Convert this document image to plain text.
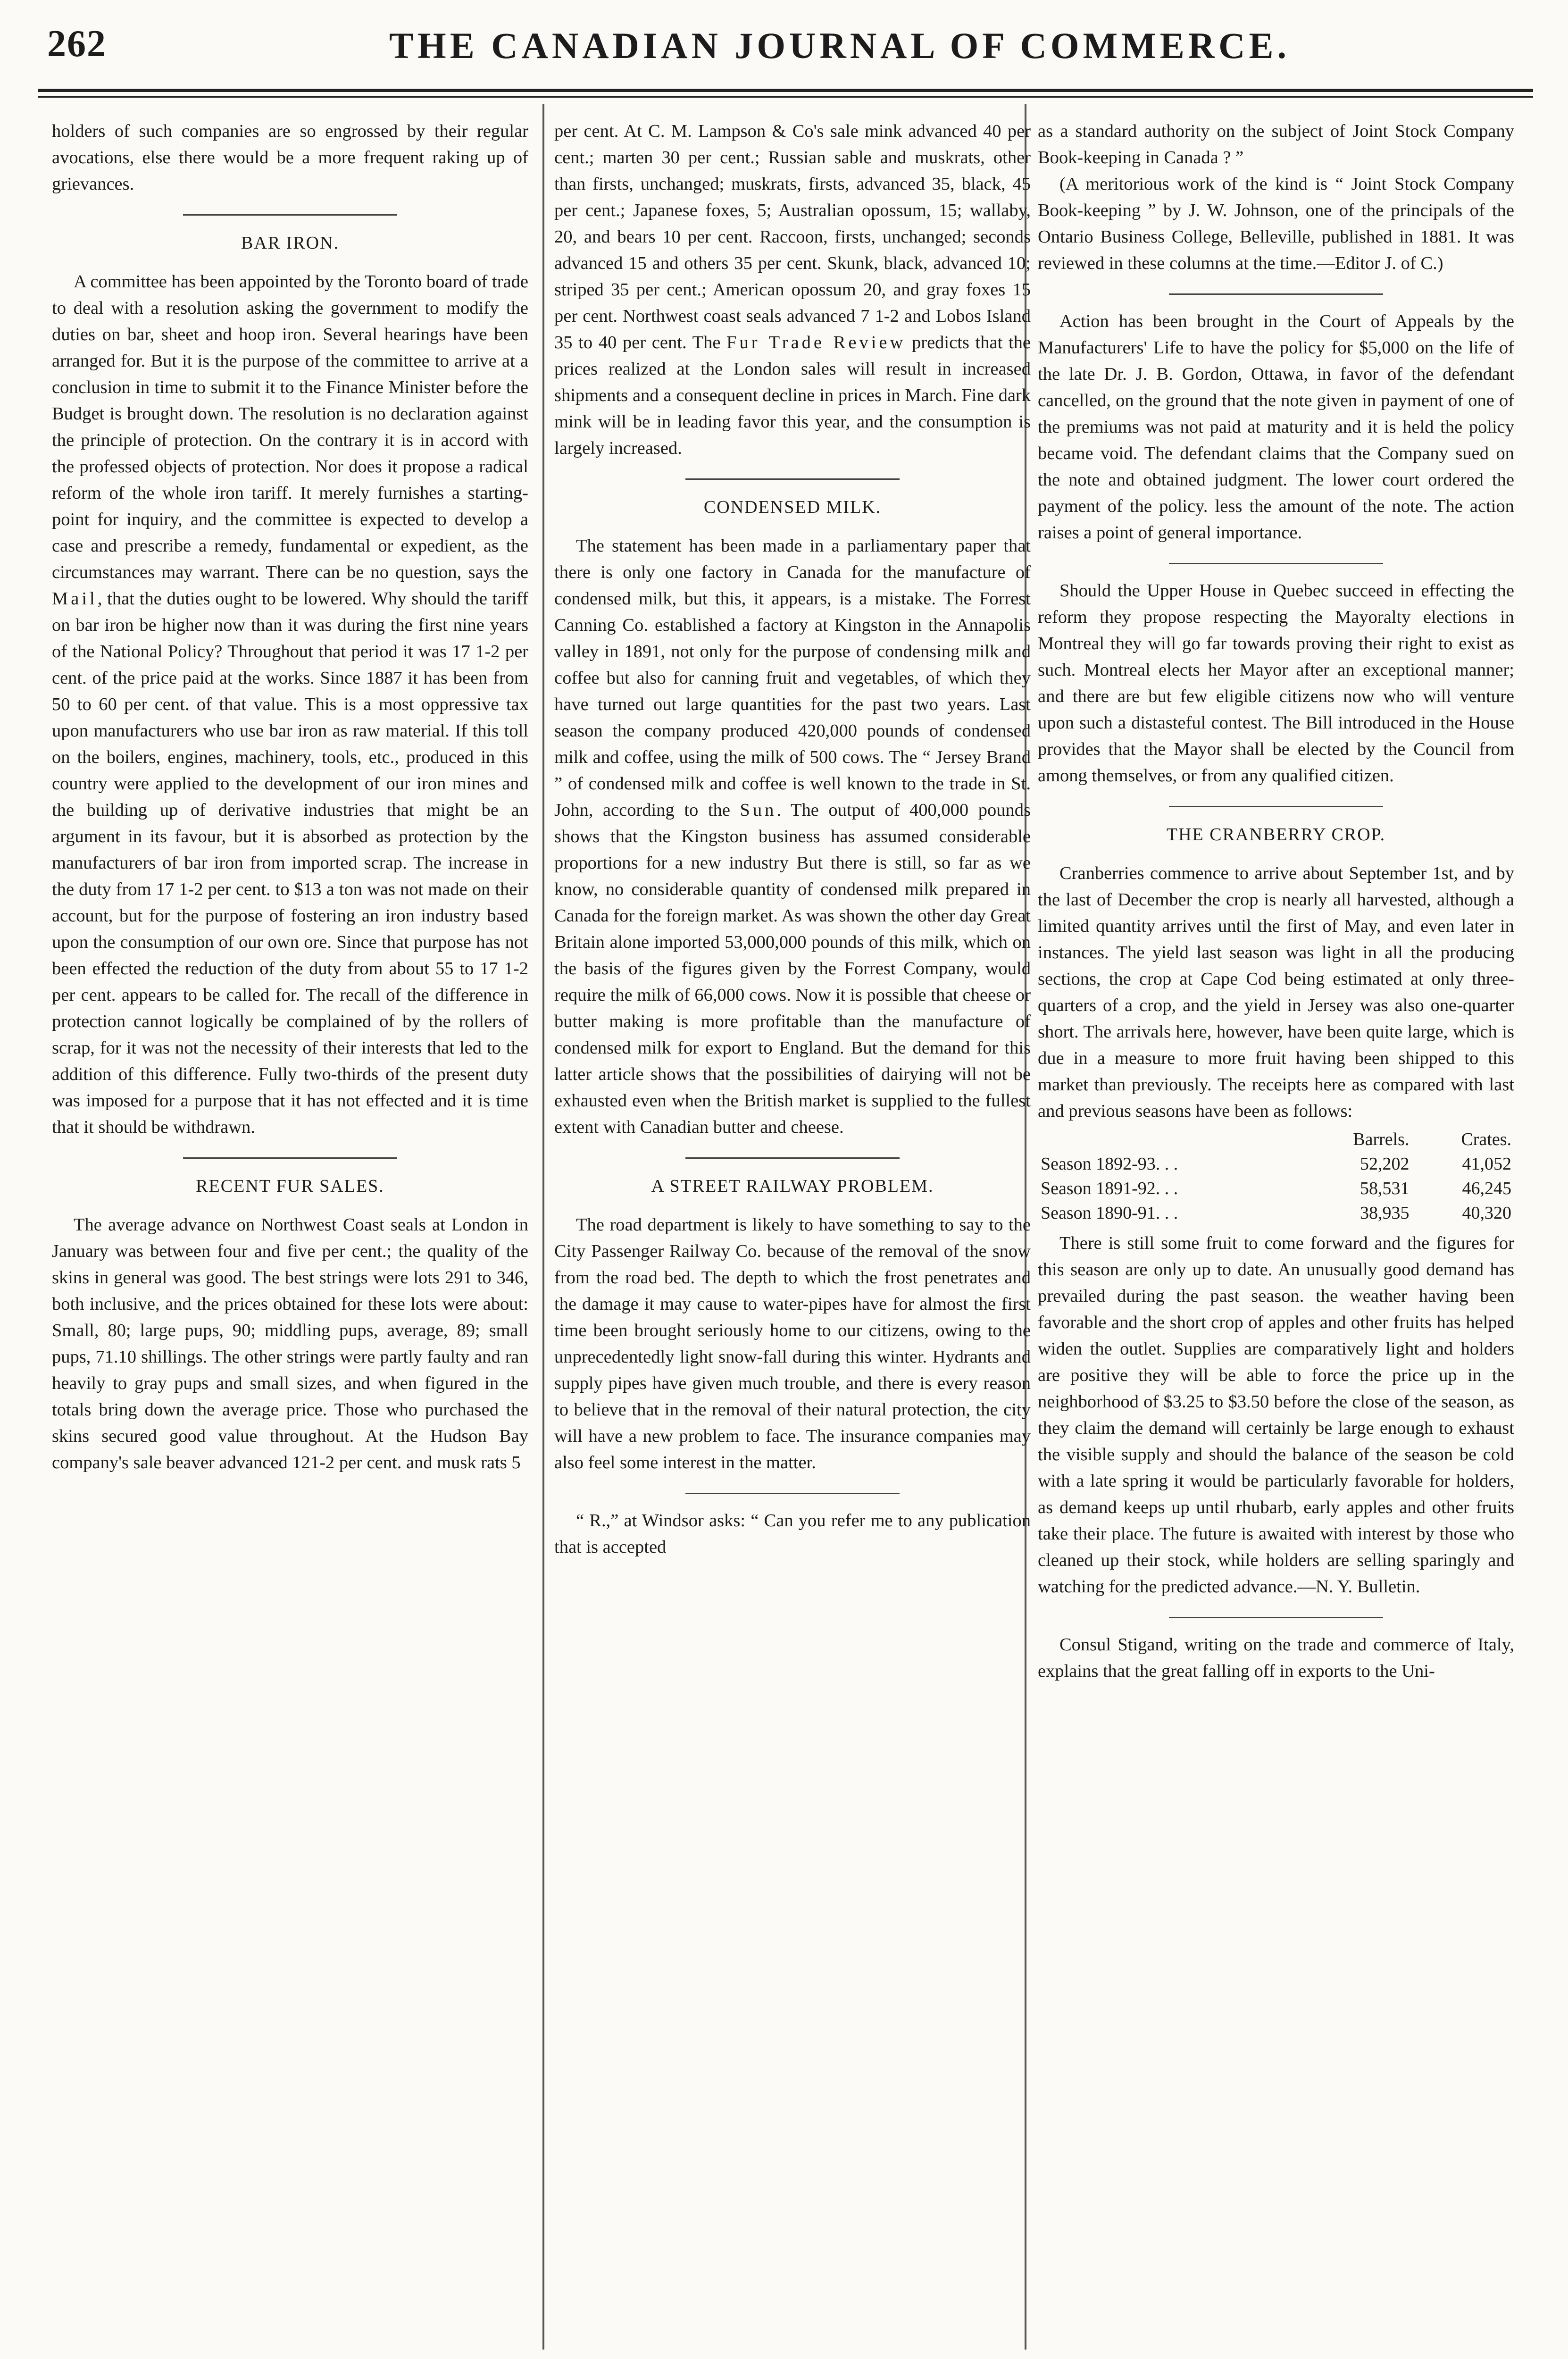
262	THE CANADIAN JOURNAL OF COMMERCE.

holders of such companies are so engrossed by their regular avocations, else there would be a more frequent raking up of grievances.

BAR IRON.

A committee has been appointed by the Toronto board of trade to deal with a resolution asking the government to modify the duties on bar, sheet and hoop iron. Several hearings have been arranged for. But it is the purpose of the committee to arrive at a conclusion in time to submit it to the Finance Minister before the Budget is brought down. The resolution is no declaration against the principle of protection. On the contrary it is in accord with the professed objects of protection. Nor does it propose a radical reform of the whole iron tariff. It merely furnishes a starting-point for inquiry, and the committee is expected to develop a case and prescribe a remedy, fundamental or expedient, as the circumstances may warrant. There can be no question, says the Mail, that the duties ought to be lowered. Why should the tariff on bar iron be higher now than it was during the first nine years of the National Policy? Throughout that period it was 17 1-2 per cent. of the price paid at the works. Since 1887 it has been from 50 to 60 per cent. of that value. This is a most oppressive tax upon manufacturers who use bar iron as raw material. If this toll on the boilers, engines, machinery, tools, etc., produced in this country were applied to the development of our iron mines and the building up of derivative industries that might be an argument in its favour, but it is absorbed as protection by the manufacturers of bar iron from imported scrap. The increase in the duty from 17 1-2 per cent. to $13 a ton was not made on their account, but for the purpose of fostering an iron industry based upon the consumption of our own ore. Since that purpose has not been effected the reduction of the duty from about 55 to 17 1-2 per cent. appears to be called for. The recall of the difference in protection cannot logically be complained of by the rollers of scrap, for it was not the necessity of their interests that led to the addition of this difference. Fully two-thirds of the present duty was imposed for a purpose that it has not effected and it is time that it should be withdrawn.

RECENT FUR SALES.

The average advance on Northwest Coast seals at London in January was between four and five per cent.; the quality of the skins in general was good. The best strings were lots 291 to 346, both inclusive, and the prices obtained for these lots were about: Small, 80; large pups, 90; middling pups, average, 89; small pups, 71.10 shillings. The other strings were partly faulty and ran heavily to gray pups and small sizes, and when figured in the totals bring down the average price. Those who purchased the skins secured good value throughout. At the Hudson Bay company's sale beaver advanced 121-2 per cent. and musk rats 5

per cent. At C. M. Lampson & Co's sale mink advanced 40 per cent.; marten 30 per cent.; Russian sable and muskrats, other than firsts, unchanged; muskrats, firsts, advanced 35, black, 45 per cent.; Japanese foxes, 5; Australian opossum, 15; wallaby, 20, and bears 10 per cent. Raccoon, firsts, unchanged; seconds advanced 15 and others 35 per cent. Skunk, black, advanced 10; striped 35 per cent.; American opossum 20, and gray foxes 15 per cent. Northwest coast seals advanced 7 1-2 and Lobos Island 35 to 40 per cent. The Fur Trade Review predicts that the prices realized at the London sales will result in increased shipments and a consequent decline in prices in March. Fine dark mink will be in leading favor this year, and the consumption is largely increased.

CONDENSED MILK.

The statement has been made in a parliamentary paper that there is only one factory in Canada for the manufacture of condensed milk, but this, it appears, is a mistake. The Forrest Canning Co. established a factory at Kingston in the Annapolis valley in 1891, not only for the purpose of condensing milk and coffee but also for canning fruit and vegetables, of which they have turned out large quantities for the past two years. Last season the company produced 420,000 pounds of condensed milk and coffee, using the milk of 500 cows. The “ Jersey Brand ” of condensed milk and coffee is well known to the trade in St. John, according to the Sun. The output of 400,000 pounds shows that the Kingston business has assumed considerable proportions for a new industry But there is still, so far as we know, no considerable quantity of condensed milk prepared in Canada for the foreign market. As was shown the other day Great Britain alone imported 53,000,000 pounds of this milk, which on the basis of the figures given by the Forrest Company, would require the milk of 66,000 cows. Now it is possible that cheese or butter making is more profitable than the manufacture of condensed milk for export to England. But the demand for this latter article shows that the possibilities of dairying will not be exhausted even when the British market is supplied to the fullest extent with Canadian butter and cheese.

A STREET RAILWAY PROBLEM.

The road department is likely to have something to say to the City Passenger Railway Co. because of the removal of the snow from the road bed. The depth to which the frost penetrates and the damage it may cause to water-pipes have for almost the first time been brought seriously home to our citizens, owing to the unprecedentedly light snow-fall during this winter. Hydrants and supply pipes have given much trouble, and there is every reason to believe that in the removal of their natural protection, the city will have a new problem to face. The insurance companies may also feel some interest in the matter.

“ R.,” at Windsor asks: “ Can you refer me to any publication that is accepted

as a standard authority on the subject of Joint Stock Company Book-keeping in Canada ? ”

(A meritorious work of the kind is “ Joint Stock Company Book-keeping ” by J. W. Johnson, one of the principals of the Ontario Business College, Belleville, published in 1881. It was reviewed in these columns at the time.—Editor J. of C.)

Action has been brought in the Court of Appeals by the Manufacturers' Life to have the policy for $5,000 on the life of the late Dr. J. B. Gordon, Ottawa, in favor of the defendant cancelled, on the ground that the note given in payment of one of the premiums was not paid at maturity and it is held the policy became void. The defendant claims that the Company sued on the note and obtained judgment. The lower court ordered the payment of the policy. less the amount of the note. The action raises a point of general importance.

Should the Upper House in Quebec succeed in effecting the reform they propose respecting the Mayoralty elections in Montreal they will go far towards proving their right to exist as such. Montreal elects her Mayor after an exceptional manner; and there are but few eligible citizens now who will venture upon such a distasteful contest. The Bill introduced in the House provides that the Mayor shall be elected by the Council from among themselves, or from any qualified citizen.

THE CRANBERRY CROP.

Cranberries commence to arrive about September 1st, and by the last of December the crop is nearly all harvested, although a limited quantity arrives until the first of May, and even later in instances. The yield last season was light in all the producing sections, the crop at Cape Cod being estimated at only three-quarters of a crop, and the yield in Jersey was also one-quarter short. The arrivals here, however, have been quite large, which is due in a measure to more fruit having been shipped to this market than previously. The receipts here as compared with last and previous seasons have been as follows:

	Barrels.	Crates.
Season 1892-93. . .	52,202	41,052
Season 1891-92. . .	58,531	46,245
Season 1890-91. . .	38,935	40,320

There is still some fruit to come forward and the figures for this season are only up to date. An unusually good demand has prevailed during the past season. the weather having been favorable and the short crop of apples and other fruits has helped widen the outlet. Supplies are comparatively light and holders are positive they will be able to force the price up in the neighborhood of $3.25 to $3.50 before the close of the season, as they claim the demand will certainly be large enough to exhaust the visible supply and should the balance of the season be cold with a late spring it would be particularly favorable for holders, as demand keeps up until rhubarb, early apples and other fruits take their place. The future is awaited with interest by those who cleaned up their stock, while holders are selling sparingly and watching for the predicted advance.—N. Y. Bulletin.

Consul Stigand, writing on the trade and commerce of Italy, explains that the great falling off in exports to the Uni-
